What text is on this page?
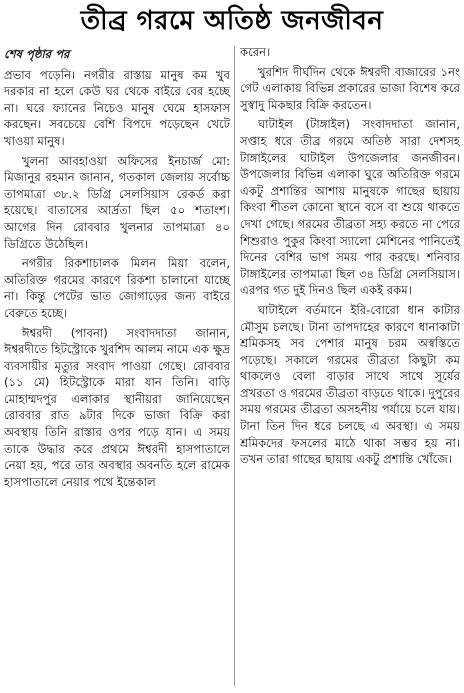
তীব্র গরমে অতিষ্ঠ জনজীবন
শেষ পৃষ্ঠার পর

প্রভাব পড়েনি। নগরীর রাস্তায় মানুষ কম খুব দরকার না হলে কেউ ঘর থেকে বাইরে বের হচ্ছে না। ঘরে ফ্যানের নিচেও মানুষ ঘেমে হাসফাস করছেন। সবচেয়ে বেশি বিপদে পড়েছেন খেটে খাওয়া মানুষ।

খুলনা আবহাওয়া অফিসের ইনচার্জ মো: মিজানুর রহমান জানান, গতকাল জেলায় সর্বোচ্চ তাপমাত্রা ৩৮.২ ডিগ্রি সেলসিয়াস রেকর্ড করা হয়েছে। বাতাসের আর্দ্রতা ছিল ৫০ শতাংশ। আগের দিন রোববার খুলনার তাপমাত্রা ৪০ ডিগ্রিতে উঠেছিল।

নগরীর রিকশাচালক মিলন মিয়া বলেন, অতিরিক্ত গরমের কারণে রিকশা চালানো যাচ্ছে না। কিন্তু পেটের ভাত জোগাড়ের জন্য বাইরে বেরুতে হচ্ছে।

ঈশ্বরদী (পাবনা) সংবাদদাতা জানান, ঈশ্বরদীতে হিটস্ট্রোকে খুরশিদ আলম নামে এক ক্ষুদ্র ব্যবসায়ীর মৃত্যুর সংবাদ পাওয়া গেছে। রোববার (১১ মে) হিটস্ট্রোকে মারা যান তিনি। বাড়ি মোহাম্মদপুর এলাকার স্থানীয়রা জানিয়েছেন রোববার রাত ৯টার দিকে ভাজা বিক্রি করা অবস্থায় তিনি রাস্তার ওপর পড়ে যান। এ সময় তাকে উদ্ধার করে প্রথমে ঈশ্বরদী হাসপাতালে নেয়া হয়, পরে তার অবস্থার অবনতি হলে রামেক হাসপাতালে নেয়ার পথে ইন্তেকাল

করেন।

খুরশিদ দীর্ঘদিন থেকে ঈশ্বরদী বাজারের ১নং গেট এলাকায় বিভিন্ন প্রকারের ভাজা বিশেষ করে সুস্বাদু মিকছার বিক্রি করতেন।

ঘাটাইল (টাঙ্গাইল) সংবাদদাতা জানান, সপ্তাহ ধরে তীব্র গরমে অতিষ্ঠ সারা দেশসহ টাঙ্গাইলের ঘাটাইল উপজেলার জনজীবন। উপজেলার বিভিন্ন এলাকা ঘুরে অতিরিক্ত গরমে একটু প্রশান্তির আশায় মানুষকে গাছের ছায়ায় কিংবা শীতল কোনো স্থানে বসে বা শুয়ে থাকতে দেখা গেছে। গরমের তীব্রতা সহ্য করতে না পেরে শিশুরাও পুকুর কিংবা স্যালো মেশিনের পানিতেই দিনের বেশির ভাগ সময় পার করছে। শনিবার টাঙ্গাইলের তাপমাত্রা ছিল ৩৪ ডিগ্রি সেলসিয়াস। এরপর গত দুই দিনও ছিল একই রকম।

ঘাটাইলে বর্তমানে ইরি-বোরো ধান কাটার মৌসুম চলছে। টানা তাপদাহের কারণে ধানাকাটা শ্রমিকসহ সব পেশার মানুষ চরম অস্বস্তিতে পড়েছে। সকালে গরমের তীব্রতা কিছুটা কম থাকলেও বেলা বাড়ার সাথে সাথে সূর্যের প্রখরতা ও গরমের তীব্রতা বাড়তে থাকে। দুপুরের সময় গরমের তীব্রতা অসহনীয় পর্যায়ে চলে যায়। টানা তিন দিন ধরে চলছে এ অবস্থা। এ সময় শ্রমিকদের ফসলের মাঠে থাকা সম্ভব হয় না। তখন তারা গাছের ছায়ায় একটু প্রশান্তি খোঁজে।
